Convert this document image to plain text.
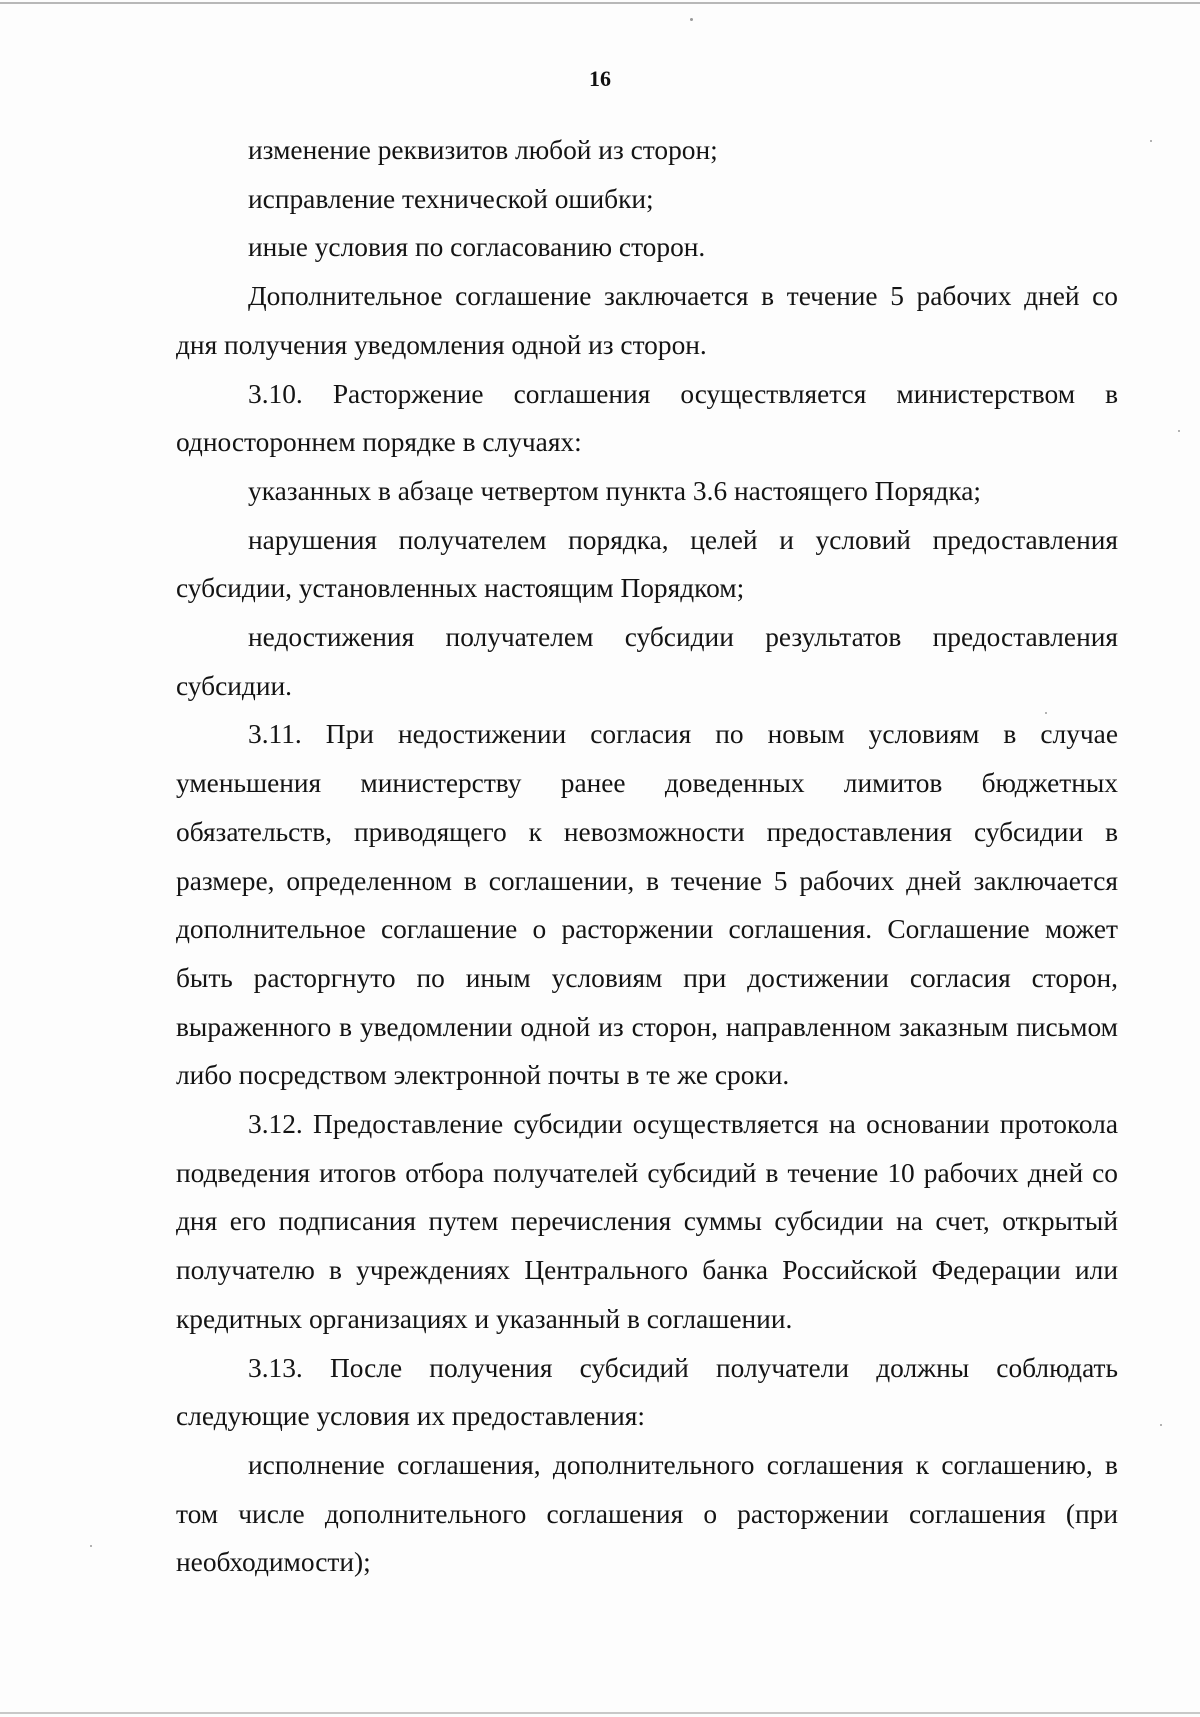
16

изменение реквизитов любой из сторон;

исправление технической ошибки;

иные условия по согласованию сторон.

Дополнительное соглашение заключается в течение 5 рабочих дней со дня получения уведомления одной из сторон.

3.10. Расторжение соглашения осуществляется министерством в одностороннем порядке в случаях:

указанных в абзаце четвертом пункта 3.6 настоящего Порядка;

нарушения получателем порядка, целей и условий предоставления субсидии, установленных настоящим Порядком;

недостижения получателем субсидии результатов предоставления субсидии.

3.11. При недостижении согласия по новым условиям в случае уменьшения министерству ранее доведенных лимитов бюджетных обязательств, приводящего к невозможности предоставления субсидии в размере, определенном в соглашении, в течение 5 рабочих дней заключается дополнительное соглашение о расторжении соглашения. Соглашение может быть расторгнуто по иным условиям при достижении согласия сторон, выраженного в уведомлении одной из сторон, направленном заказным письмом либо посредством электронной почты в те же сроки.

3.12. Предоставление субсидии осуществляется на основании протокола подведения итогов отбора получателей субсидий в течение 10 рабочих дней со дня его подписания путем перечисления суммы субсидии на счет, открытый получателю в учреждениях Центрального банка Российской Федерации или кредитных организациях и указанный в соглашении.

3.13. После получения субсидий получатели должны соблюдать следующие условия их предоставления:

исполнение соглашения, дополнительного соглашения к соглашению, в том числе дополнительного соглашения о расторжении соглашения (при необходимости);
